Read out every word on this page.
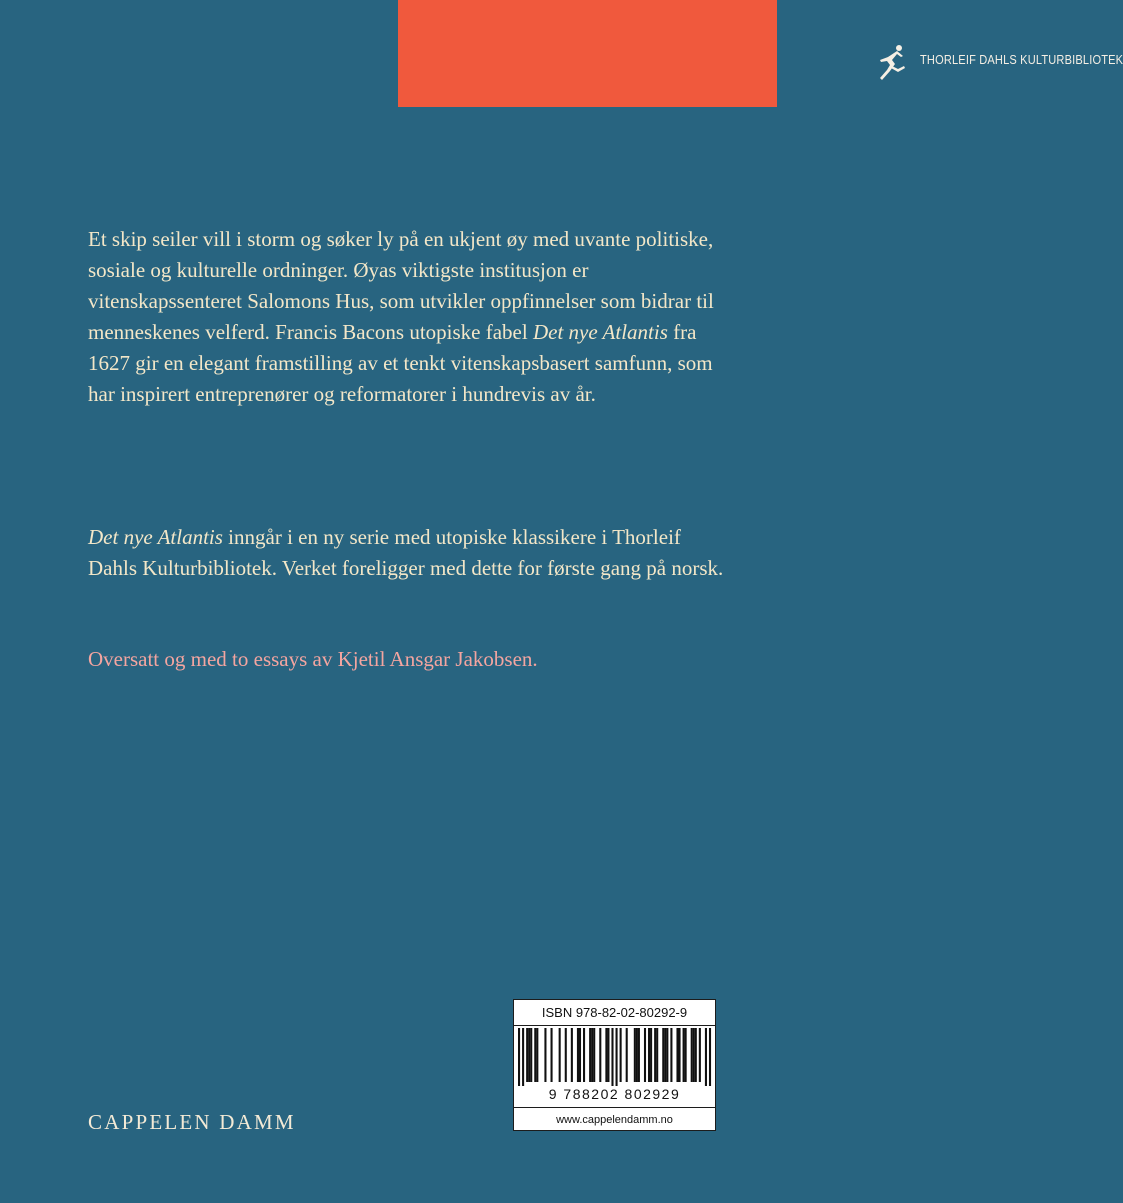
THORLEIF DAHLS KULTURBIBLIOTEK

Et skip seiler vill i storm og søker ly på en ukjent øy med uvante politiske, sosiale og kulturelle ordninger. Øyas viktigste institusjon er vitenskapssenteret Salomons Hus, som utvikler oppfinnelser som bidrar til menneskenes velferd. Francis Bacons utopiske fabel Det nye Atlantis fra 1627 gir en elegant framstilling av et tenkt vitenskapsbasert samfunn, som har inspirert entreprenører og reformatorer i hundrevis av år.

Det nye Atlantis inngår i en ny serie med utopiske klassikere i Thorleif Dahls Kulturbibliotek. Verket foreligger med dette for første gang på norsk.

Oversatt og med to essays av Kjetil Ansgar Jakobsen.

CAPPELEN DAMM
ISBN 978-82-02-80292-9
9 788202 802929
www.cappelendamm.no
